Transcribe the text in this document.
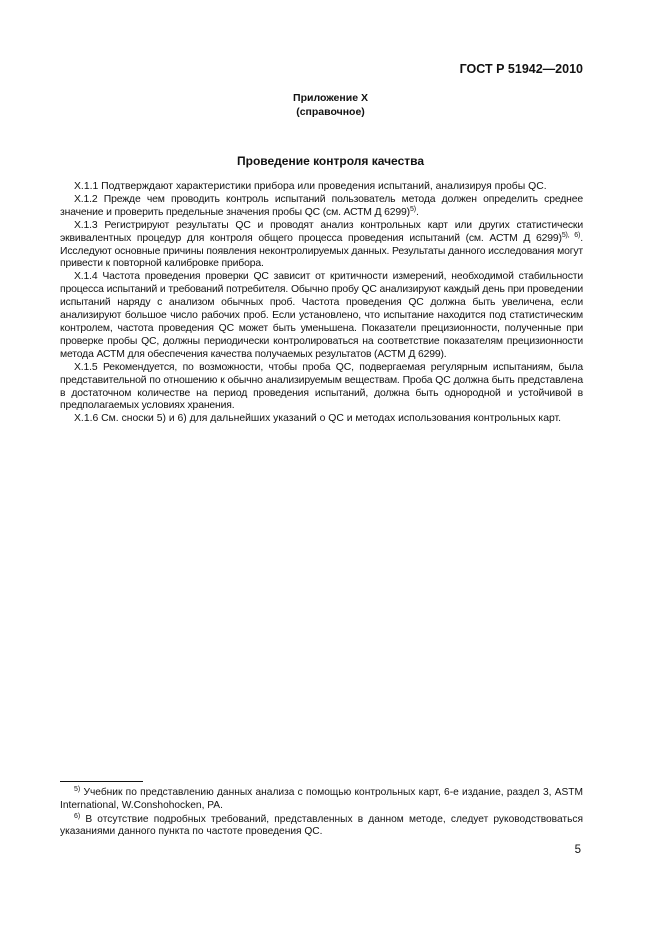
ГОСТ Р 51942—2010
Приложение Х
(справочное)
Проведение контроля качества

Х.1.1 Подтверждают характеристики прибора или проведения испытаний, анализируя пробы QC.

Х.1.2 Прежде чем проводить контроль испытаний пользователь метода должен определить среднее значение и проверить предельные значения пробы QC (см. АСТМ Д 6299)$^{5)}$.

Х.1.3 Регистрируют результаты QC и проводят анализ контрольных карт или других статистически эквивалентных процедур для контроля общего процесса проведения испытаний (см. АСТМ Д 6299)$^{5), 6)}$. Исследуют основные причины появления неконтролируемых данных. Результаты данного исследования могут привести к повторной калибровке прибора.

Х.1.4 Частота проведения проверки QC зависит от критичности измерений, необходимой стабильности процесса испытаний и требований потребителя. Обычно пробу QC анализируют каждый день при проведении испытаний наряду с анализом обычных проб. Частота проведения QC должна быть увеличена, если анализируют большое число рабочих проб. Если установлено, что испытание находится под статистическим контролем, частота проведения QC может быть уменьшена. Показатели прецизионности, полученные при проверке пробы QC, должны периодически контролироваться на соответствие показателям прецизионности метода АСТМ для обеспечения качества получаемых результатов (АСТМ Д 6299).

Х.1.5 Рекомендуется, по возможности, чтобы проба QC, подвергаемая регулярным испытаниям, была представительной по отношению к обычно анализируемым веществам. Проба QC должна быть представлена в достаточном количестве на период проведения испытаний, должна быть однородной и устойчивой в предполагаемых условиях хранения.

Х.1.6 См. сноски 5) и 6) для дальнейших указаний о QC и методах использования контрольных карт.

$^{5)}$ Учебник по представлению данных анализа с помощью контрольных карт, 6-е издание, раздел 3, ASTM International, W.Conshohocken, PA.

$^{6)}$ В отсутствие подробных требований, представленных в данном методе, следует руководствоваться указаниями данного пункта по частоте проведения QC.

5
